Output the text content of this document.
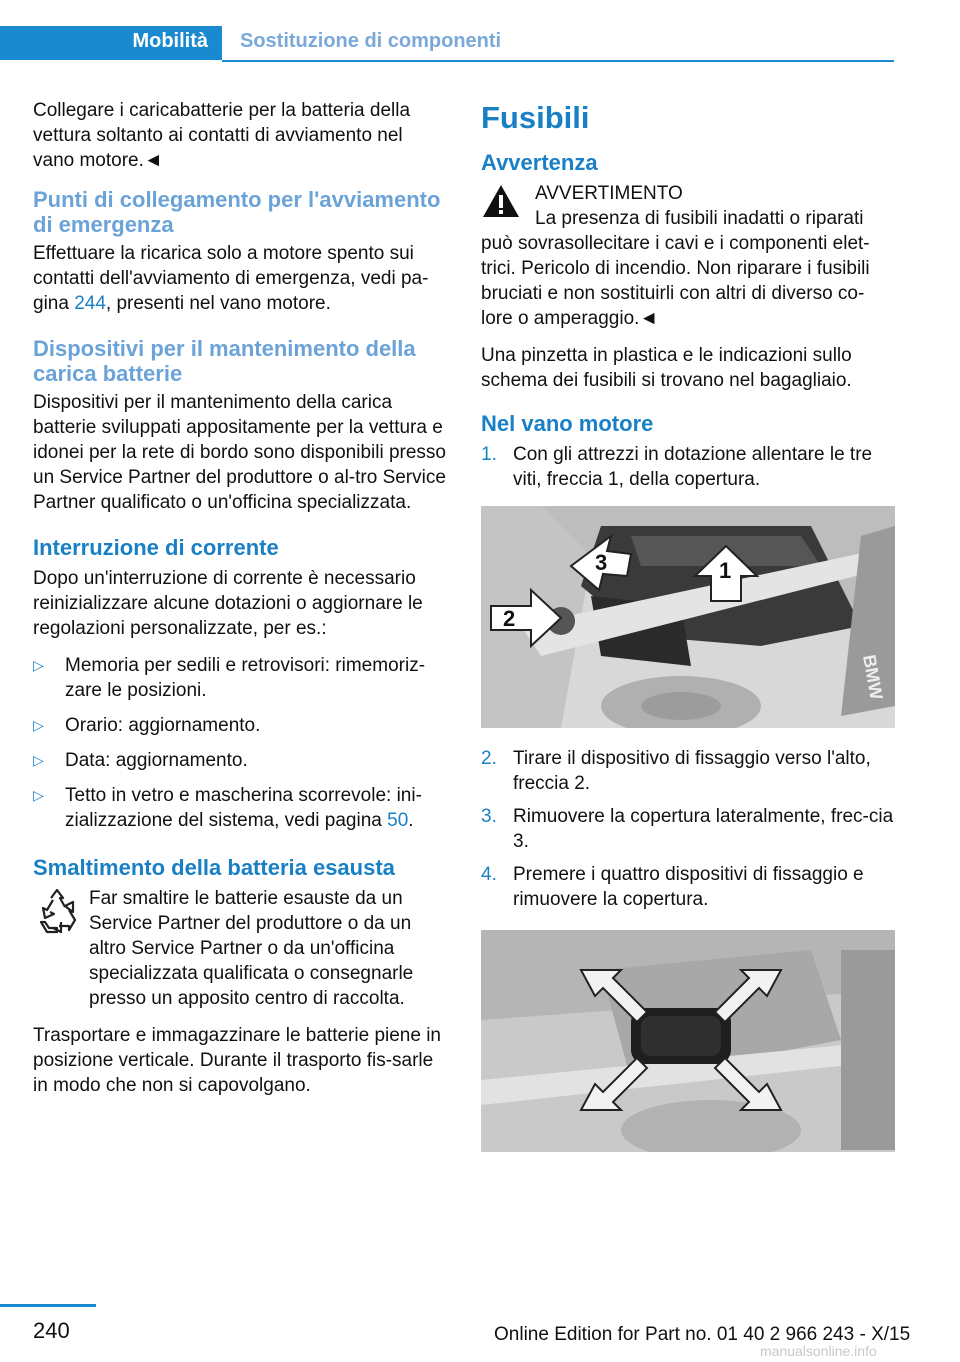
Mobilità Sostituzione di componenti

Collegare i caricabatterie per la batteria della vettura soltanto ai contatti di avviamento nel vano motore.◄

Punti di collegamento per l'avviamento di emergenza

Effettuare la ricarica solo a motore spento sui contatti dell'avviamento di emergenza, vedi pa‐gina 244, presenti nel vano motore.

Dispositivi per il mantenimento della carica batterie

Dispositivi per il mantenimento della carica batterie sviluppati appositamente per la vettura e idonei per la rete di bordo sono disponibili presso un Service Partner del produttore o al‐tro Service Partner qualificato o un'officina specializzata.

Interruzione di corrente

Dopo un'interruzione di corrente è necessario reinizializzare alcune dotazioni o aggiornare le regolazioni personalizzate, per es.:

▷ Memoria per sedili e retrovisori: rimemoriz‐zare le posizioni.
▷ Orario: aggiornamento.
▷ Data: aggiornamento.
▷ Tetto in vetro e mascherina scorrevole: ini‐zializzazione del sistema, vedi pagina 50.
Smaltimento della batteria esausta

Far smaltire le batterie esauste da un Service Partner del produttore o da un altro Service Partner o da un'officina specializzata qualificata o consegnarle presso un apposito centro di raccolta.

Trasportare e immagazzinare le batterie piene in posizione verticale. Durante il trasporto fis‐sarle in modo che non si capovolgano.

Fusibili
Avvertenza

AVVERTIMENTO

La presenza di fusibili inadatti o riparati può sovrasollecitare i cavi e i componenti elet‐trici. Pericolo di incendio. Non riparare i fusibili bruciati e non sostituirli con altri di diverso co‐lore o amperaggio.◄

Una pinzetta in plastica e le indicazioni sullo schema dei fusibili si trovano nel bagagliaio.

Nel vano motore
1. Con gli attrezzi in dotazione allentare le tre viti, freccia 1, della copertura.
1
2
3
BMW
2. Tirare il dispositivo di fissaggio verso l'alto, freccia 2.
3. Rimuovere la copertura lateralmente, frec‐cia 3.
4. Premere i quattro dispositivi di fissaggio e rimuovere la copertura.
240	Online Edition for Part no. 01 40 2 966 243 - X/15
manualsonline.info
